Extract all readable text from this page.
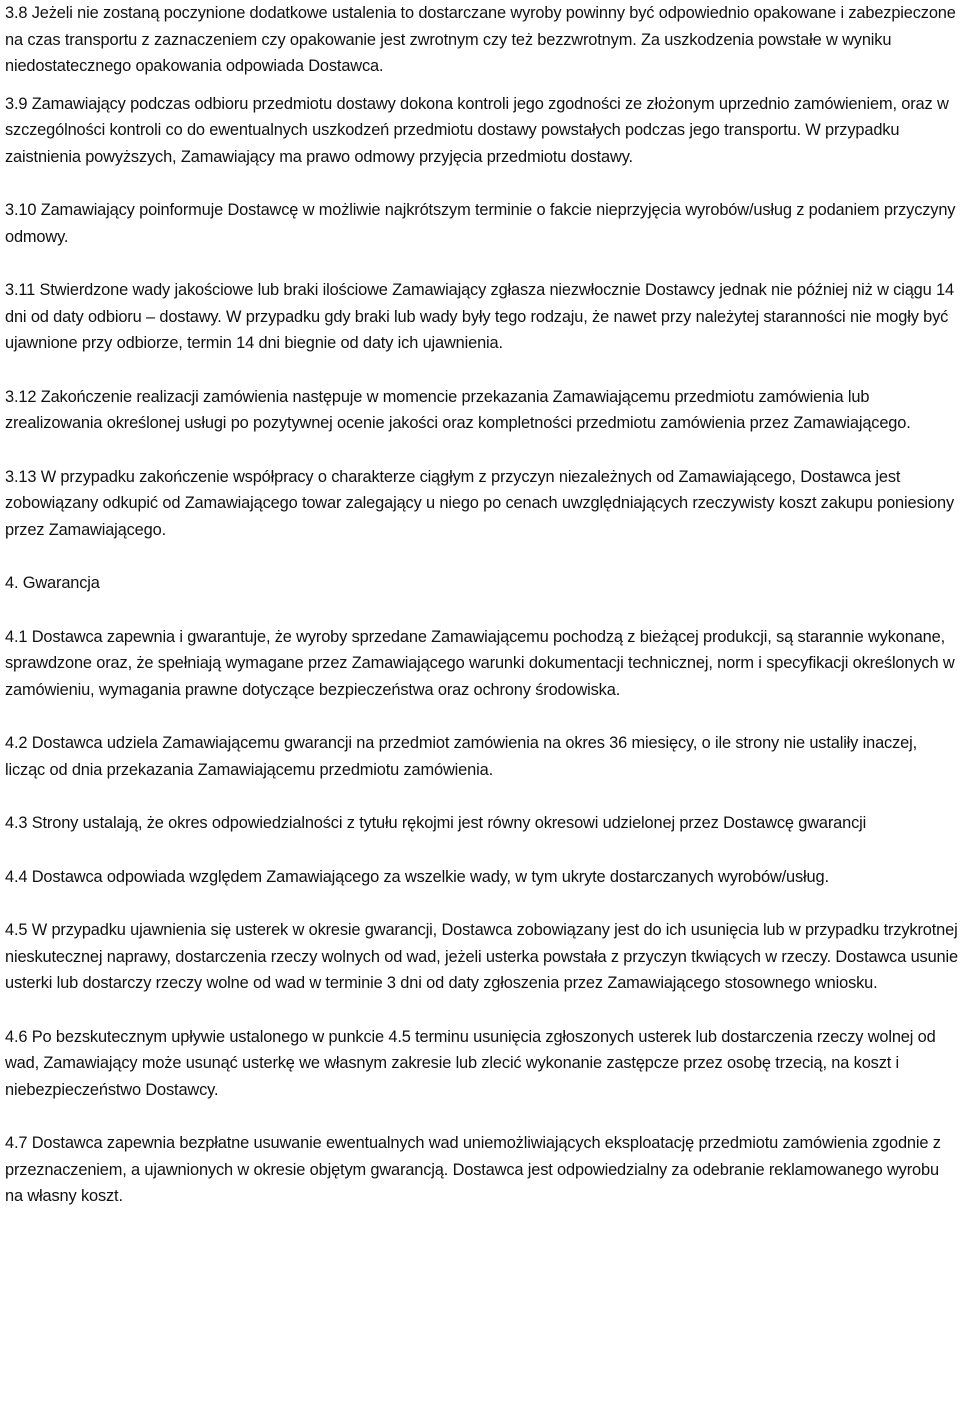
3.8 Jeżeli nie zostaną poczynione dodatkowe ustalenia to dostarczane wyroby powinny być odpowiednio opakowane i zabezpieczone na czas transportu z zaznaczeniem czy opakowanie jest zwrotnym czy też bezzwrotnym. Za uszkodzenia powstałe w wyniku niedostatecznego opakowania odpowiada Dostawca.

3.9 Zamawiający podczas odbioru przedmiotu dostawy dokona kontroli jego zgodności ze złożonym uprzednio zamówieniem, oraz w szczególności kontroli co do ewentualnych uszkodzeń przedmiotu dostawy powstałych podczas jego transportu. W przypadku zaistnienia powyższych, Zamawiający ma prawo odmowy przyjęcia przedmiotu dostawy.

3.10 Zamawiający poinformuje Dostawcę w możliwie najkrótszym terminie o fakcie nieprzyjęcia wyrobów/usług z podaniem przyczyny odmowy.

3.11 Stwierdzone wady jakościowe lub braki ilościowe Zamawiający zgłasza niezwłocznie Dostawcy jednak nie później niż w ciągu 14 dni od daty odbioru – dostawy. W przypadku gdy braki lub wady były tego rodzaju, że nawet przy należytej staranności nie mogły być ujawnione przy odbiorze, termin 14 dni biegnie od daty ich ujawnienia.

3.12 Zakończenie realizacji zamówienia następuje w momencie przekazania Zamawiającemu przedmiotu zamówienia lub zrealizowania określonej usługi po pozytywnej ocenie jakości oraz kompletności przedmiotu zamówienia przez Zamawiającego.

3.13 W przypadku zakończenie współpracy o charakterze ciągłym z przyczyn niezależnych od Zamawiającego, Dostawca jest zobowiązany odkupić od Zamawiającego towar zalegający u niego po cenach uwzględniających rzeczywisty koszt zakupu poniesiony przez Zamawiającego.

4. Gwarancja

4.1 Dostawca zapewnia i gwarantuje, że wyroby sprzedane Zamawiającemu pochodzą z bieżącej produkcji, są starannie wykonane, sprawdzone oraz, że spełniają wymagane przez Zamawiającego warunki dokumentacji technicznej, norm i specyfikacji określonych w zamówieniu, wymagania prawne dotyczące bezpieczeństwa oraz ochrony środowiska.

4.2 Dostawca udziela Zamawiającemu gwarancji na przedmiot zamówienia na okres 36 miesięcy, o ile strony nie ustaliły inaczej, licząc od dnia przekazania Zamawiającemu przedmiotu zamówienia.

4.3 Strony ustalają, że okres odpowiedzialności z tytułu rękojmi jest równy okresowi udzielonej przez Dostawcę gwarancji

4.4 Dostawca odpowiada względem Zamawiającego za wszelkie wady, w tym ukryte dostarczanych wyrobów/usług.

4.5 W przypadku ujawnienia się usterek w okresie gwarancji, Dostawca zobowiązany jest do ich usunięcia lub w przypadku trzykrotnej nieskutecznej naprawy, dostarczenia rzeczy wolnych od wad, jeżeli usterka powstała z przyczyn tkwiących w rzeczy. Dostawca usunie usterki lub dostarczy rzeczy wolne od wad w terminie 3 dni od daty zgłoszenia przez Zamawiającego stosownego wniosku.

4.6 Po bezskutecznym upływie ustalonego w punkcie 4.5 terminu usunięcia zgłoszonych usterek lub dostarczenia rzeczy wolnej od wad, Zamawiający może usunąć usterkę we własnym zakresie lub zlecić wykonanie zastępcze przez osobę trzecią, na koszt i niebezpieczeństwo Dostawcy.

4.7 Dostawca zapewnia bezpłatne usuwanie ewentualnych wad uniemożliwiających eksploatację przedmiotu zamówienia zgodnie z przeznaczeniem, a ujawnionych w okresie objętym gwarancją. Dostawca jest odpowiedzialny za odebranie reklamowanego wyrobu na własny koszt.
